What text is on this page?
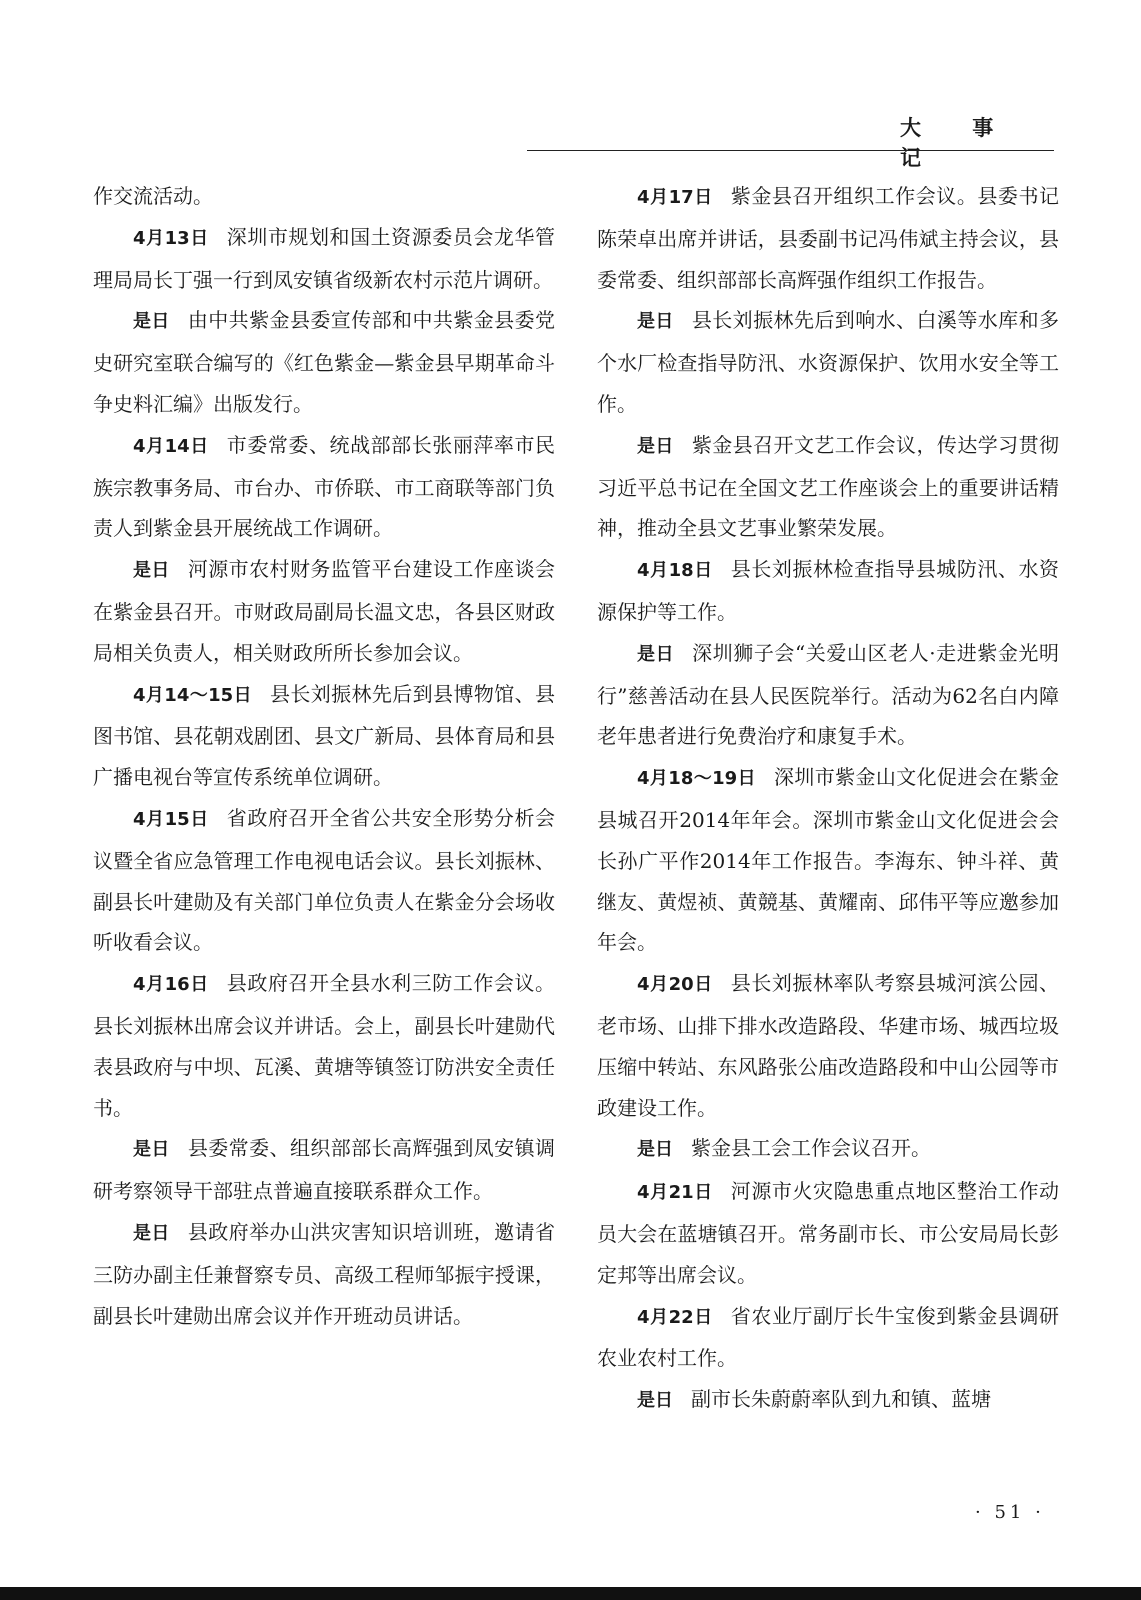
大 事 记

作交流活动。

4月13日 深圳市规划和国土资源委员会龙华管理局局长丁强一行到凤安镇省级新农村示范片调研。

是日 由中共紫金县委宣传部和中共紫金县委党史研究室联合编写的《红色紫金—紫金县早期革命斗争史料汇编》出版发行。

4月14日 市委常委、统战部部长张丽萍率市民族宗教事务局、市台办、市侨联、市工商联等部门负责人到紫金县开展统战工作调研。

是日 河源市农村财务监管平台建设工作座谈会在紫金县召开。市财政局副局长温文忠，各县区财政局相关负责人，相关财政所所长参加会议。

4月14～15日 县长刘振林先后到县博物馆、县图书馆、县花朝戏剧团、县文广新局、县体育局和县广播电视台等宣传系统单位调研。

4月15日 省政府召开全省公共安全形势分析会议暨全省应急管理工作电视电话会议。县长刘振林、副县长叶建勋及有关部门单位负责人在紫金分会场收听收看会议。

4月16日 县政府召开全县水利三防工作会议。县长刘振林出席会议并讲话。会上，副县长叶建勋代表县政府与中坝、瓦溪、黄塘等镇签订防洪安全责任书。

是日 县委常委、组织部部长高辉强到凤安镇调研考察领导干部驻点普遍直接联系群众工作。

是日 县政府举办山洪灾害知识培训班，邀请省三防办副主任兼督察专员、高级工程师邹振宇授课，副县长叶建勋出席会议并作开班动员讲话。

4月17日 紫金县召开组织工作会议。县委书记陈荣卓出席并讲话，县委副书记冯伟斌主持会议，县委常委、组织部部长高辉强作组织工作报告。

是日 县长刘振林先后到响水、白溪等水库和多个水厂检查指导防汛、水资源保护、饮用水安全等工作。

是日 紫金县召开文艺工作会议，传达学习贯彻习近平总书记在全国文艺工作座谈会上的重要讲话精神，推动全县文艺事业繁荣发展。

4月18日 县长刘振林检查指导县城防汛、水资源保护等工作。

是日 深圳狮子会“关爱山区老人·走进紫金光明行”慈善活动在县人民医院举行。活动为62名白内障老年患者进行免费治疗和康复手术。

4月18～19日 深圳市紫金山文化促进会在紫金县城召开2014年年会。深圳市紫金山文化促进会会长孙广平作2014年工作报告。李海东、钟斗祥、黄继友、黄煜祯、黄競基、黄耀南、邱伟平等应邀参加年会。

4月20日 县长刘振林率队考察县城河滨公园、老市场、山排下排水改造路段、华建市场、城西垃圾压缩中转站、东风路张公庙改造路段和中山公园等市政建设工作。

是日 紫金县工会工作会议召开。

4月21日 河源市火灾隐患重点地区整治工作动员大会在蓝塘镇召开。常务副市长、市公安局局长彭定邦等出席会议。

4月22日 省农业厅副厅长牛宝俊到紫金县调研农业农村工作。

是日 副市长朱蔚蔚率队到九和镇、蓝塘

· 51 ·
